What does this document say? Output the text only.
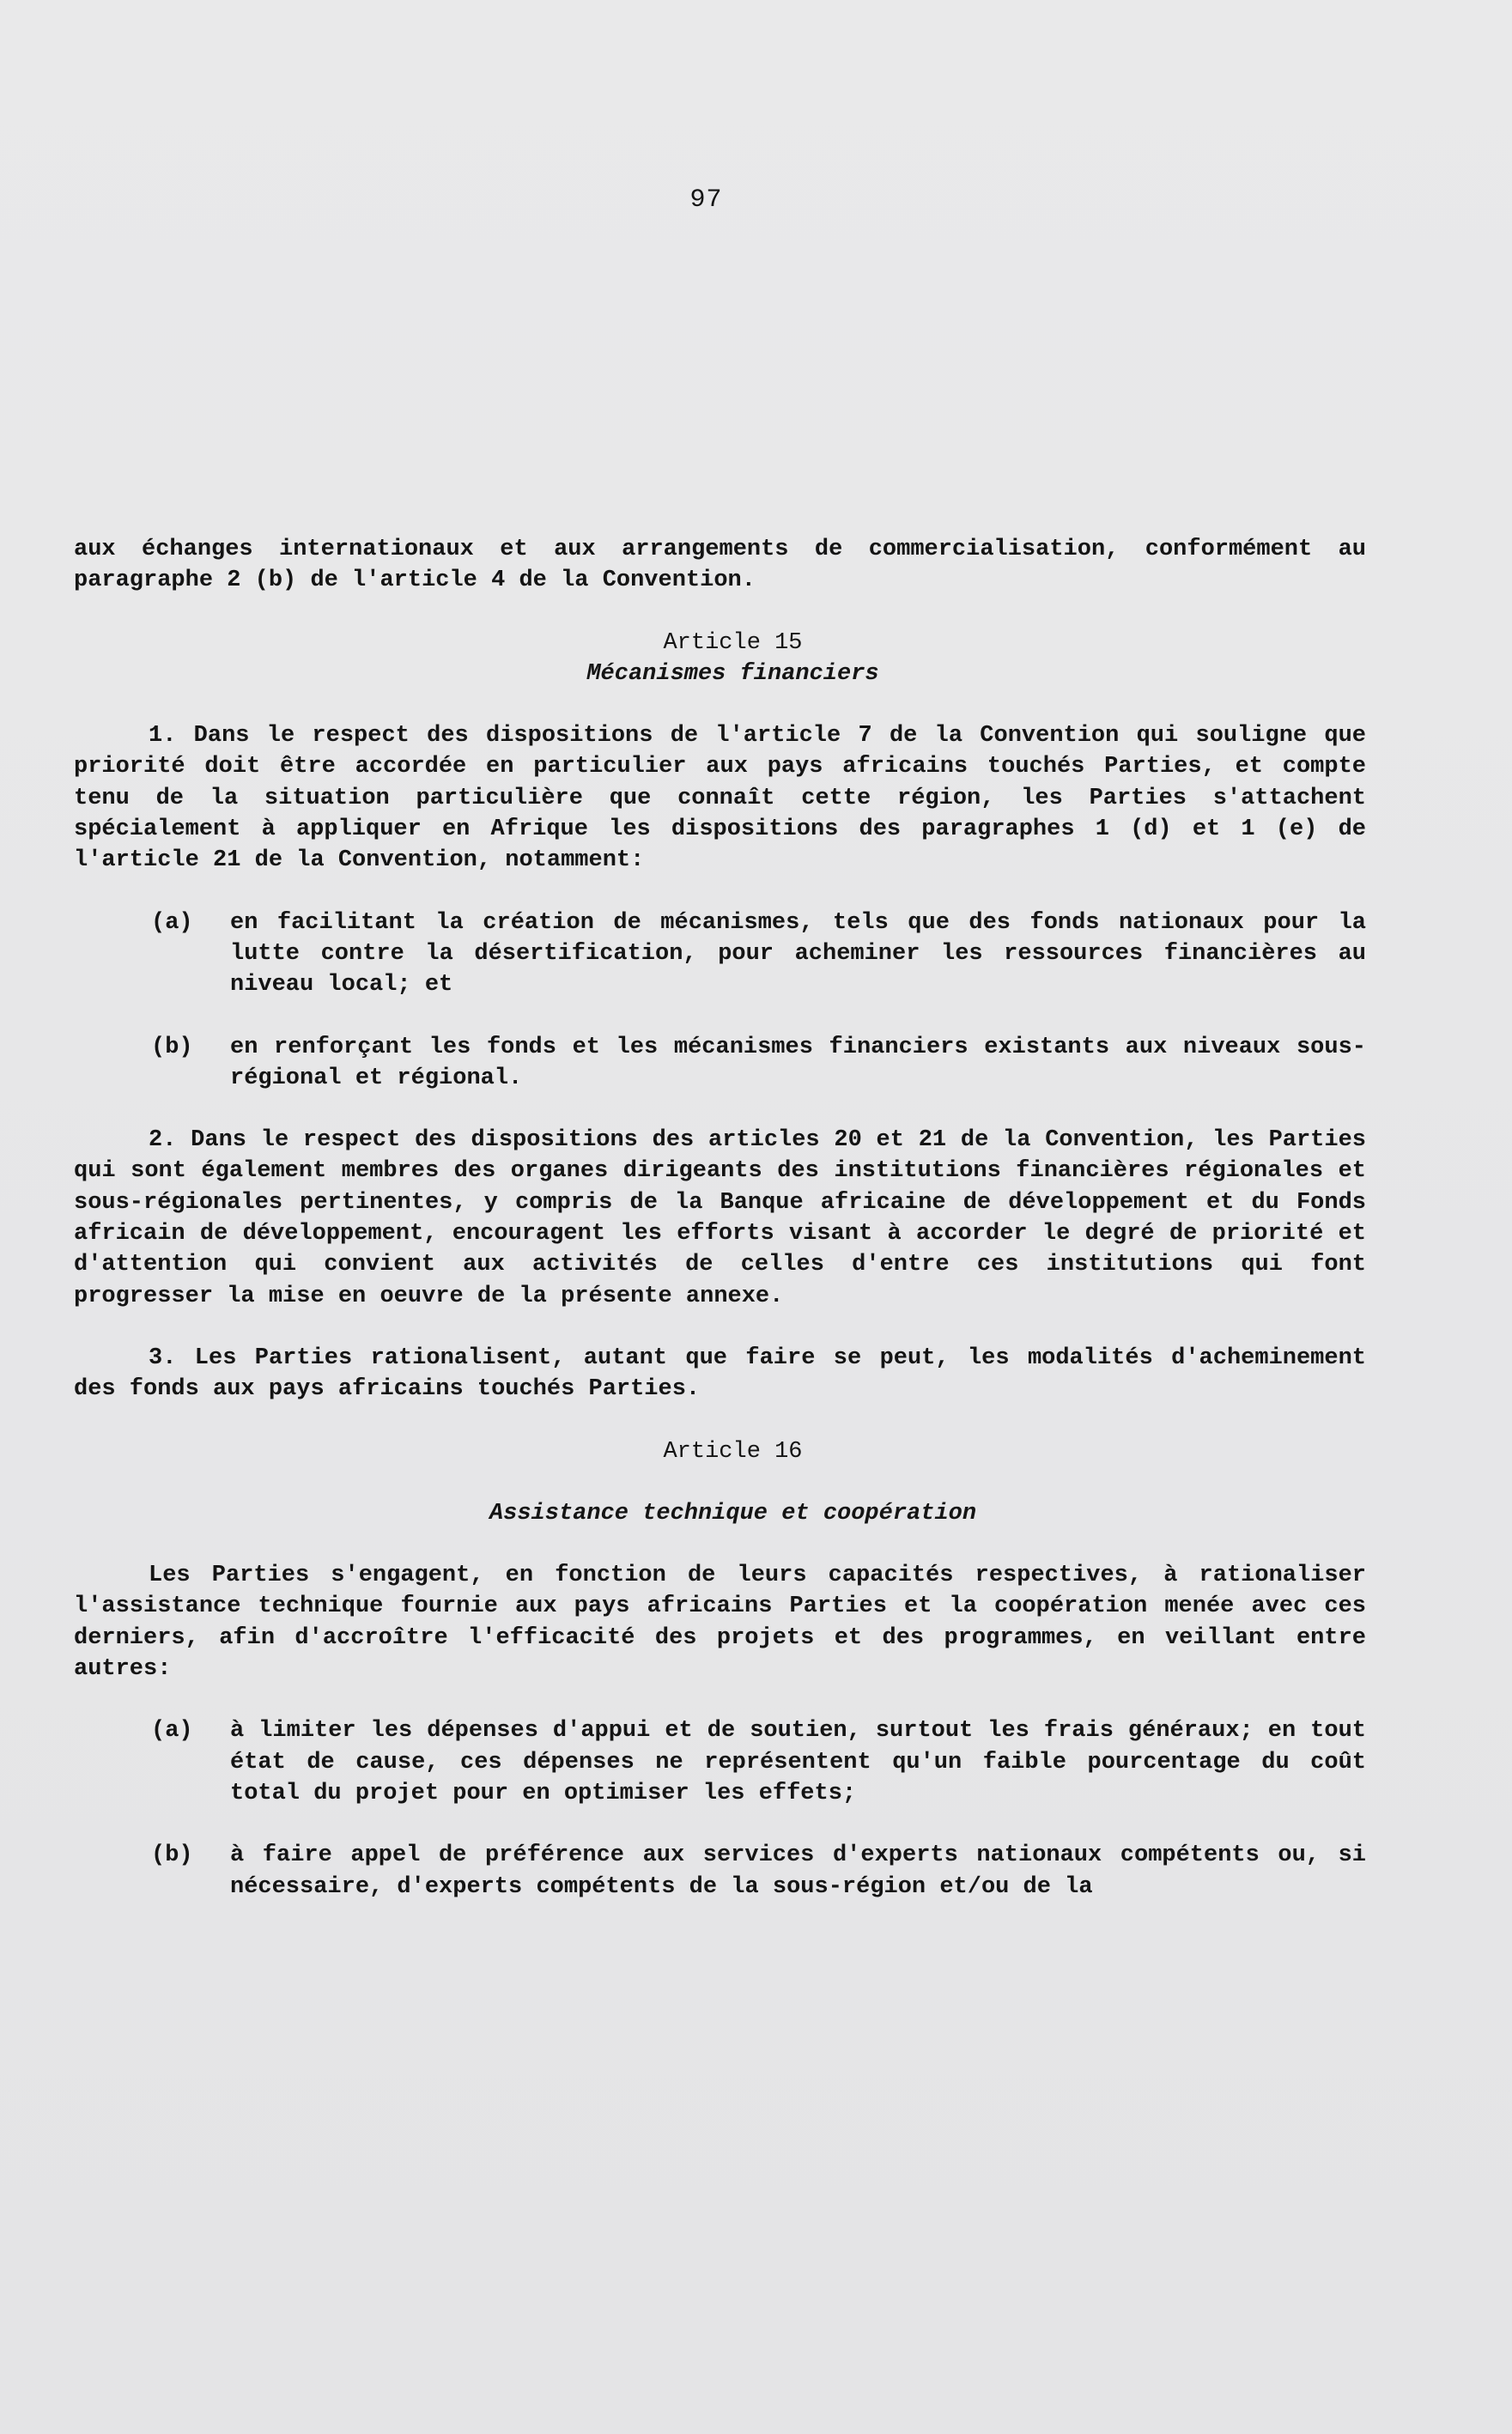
97

aux échanges internationaux et aux arrangements de commercialisation, conformément au paragraphe 2 (b) de l'article 4 de la Convention.

Article 15

Mécanismes financiers

1. Dans le respect des dispositions de l'article 7 de la Convention qui souligne que priorité doit être accordée en particulier aux pays africains touchés Parties, et compte tenu de la situation particulière que connaît cette région, les Parties s'attachent spécialement à appliquer en Afrique les dispositions des paragraphes 1 (d) et 1 (e) de l'article 21 de la Convention, notamment:

(a)	en facilitant la création de mécanismes, tels que des fonds nationaux pour la lutte contre la désertification, pour acheminer les ressources financières au niveau local; et
(b)	en renforçant les fonds et les mécanismes financiers existants aux niveaux sous-régional et régional.

2. Dans le respect des dispositions des articles 20 et 21 de la Convention, les Parties qui sont également membres des organes dirigeants des institutions financières régionales et sous-régionales pertinentes, y compris de la Banque africaine de développement et du Fonds africain de développement, encouragent les efforts visant à accorder le degré de priorité et d'attention qui convient aux activités de celles d'entre ces institutions qui font progresser la mise en oeuvre de la présente annexe.

3. Les Parties rationalisent, autant que faire se peut, les modalités d'acheminement des fonds aux pays africains touchés Parties.

Article 16

Assistance technique et coopération

Les Parties s'engagent, en fonction de leurs capacités respectives, à rationaliser l'assistance technique fournie aux pays africains Parties et la coopération menée avec ces derniers, afin d'accroître l'efficacité des projets et des programmes, en veillant entre autres:

(a)	à limiter les dépenses d'appui et de soutien, surtout les frais généraux; en tout état de cause, ces dépenses ne représentent qu'un faible pourcentage du coût total du projet pour en optimiser les effets;
(b)	à faire appel de préférence aux services d'experts nationaux compétents ou, si nécessaire, d'experts compétents de la sous-région et/ou de la
